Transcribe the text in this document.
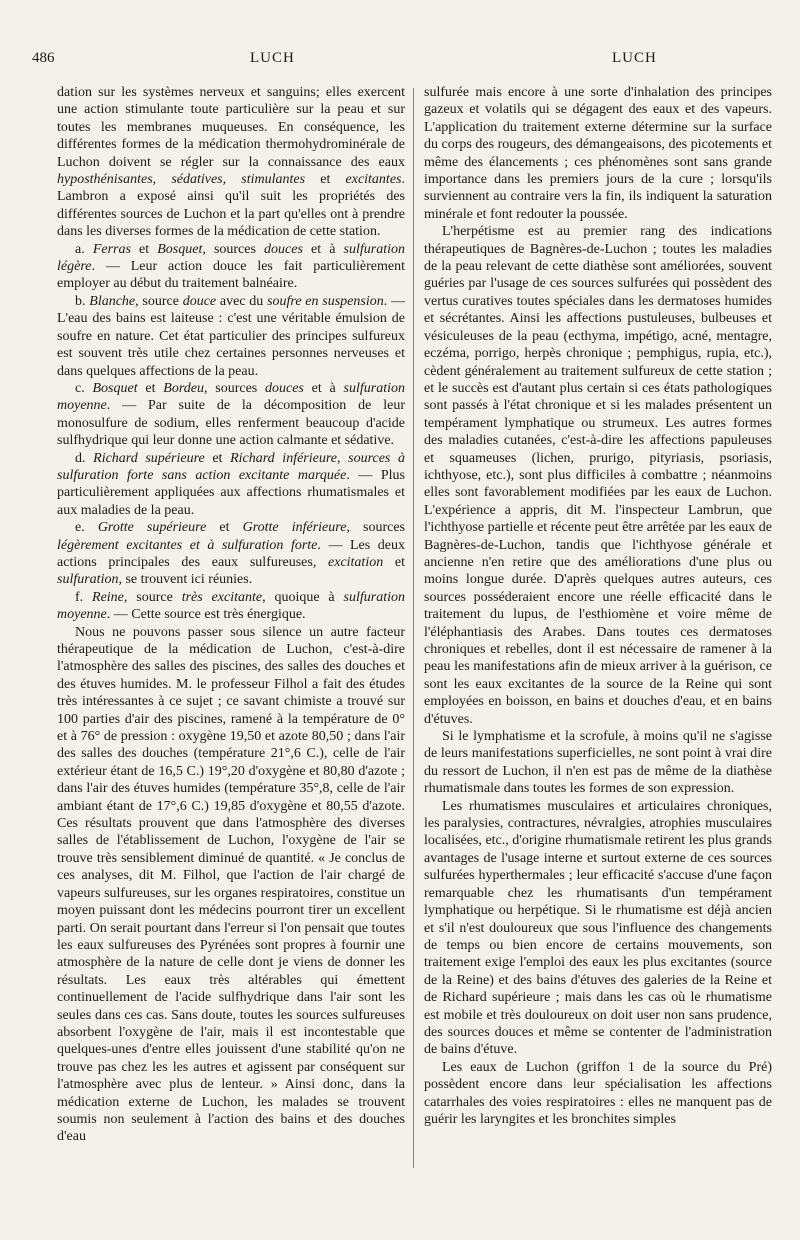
486	LUCH	LUCH

dation sur les systèmes nerveux et sanguins; elles exercent une action stimulante toute particulière sur la peau et sur toutes les membranes muqueuses. En conséquence, les différentes formes de la médication thermohydrominérale de Luchon doivent se régler sur la connaissance des eaux hyposthénisantes, sédatives, stimulantes et excitantes. Lambron a exposé ainsi qu'il suit les propriétés des différentes sources de Luchon et la part qu'elles ont à prendre dans les diverses formes de la médication de cette station.

a. Ferras et Bosquet, sources douces et à sulfuration légère. — Leur action douce les fait particulièrement employer au début du traitement balnéaire.

b. Blanche, source douce avec du soufre en suspension. — L'eau des bains est laiteuse : c'est une véritable émulsion de soufre en nature. Cet état particulier des principes sulfureux est souvent très utile chez certaines personnes nerveuses et dans quelques affections de la peau.

c. Bosquet et Bordeu, sources douces et à sulfuration moyenne. — Par suite de la décomposition de leur monosulfure de sodium, elles renferment beaucoup d'acide sulfhydrique qui leur donne une action calmante et sédative.

d. Richard supérieure et Richard inférieure, sources à sulfuration forte sans action excitante marquée. — Plus particulièrement appliquées aux affections rhumatismales et aux maladies de la peau.

e. Grotte supérieure et Grotte inférieure, sources légèrement excitantes et à sulfuration forte. — Les deux actions principales des eaux sulfureuses, excitation et sulfuration, se trouvent ici réunies.

f. Reine, source très excitante, quoique à sulfuration moyenne. — Cette source est très énergique.

Nous ne pouvons passer sous silence un autre facteur thérapeutique de la médication de Luchon, c'est-à-dire l'atmosphère des salles des piscines, des salles des douches et des étuves humides. M. le professeur Filhol a fait des études très intéressantes à ce sujet ; ce savant chimiste a trouvé sur 100 parties d'air des piscines, ramené à la température de 0° et à 76° de pression : oxygène 19,50 et azote 80,50 ; dans l'air des salles des douches (température 21°,6 C.), celle de l'air extérieur étant de 16,5 C.) 19°,20 d'oxygène et 80,80 d'azote ; dans l'air des étuves humides (température 35°,8, celle de l'air ambiant étant de 17°,6 C.) 19,85 d'oxygène et 80,55 d'azote. Ces résultats prouvent que dans l'atmosphère des diverses salles de l'établissement de Luchon, l'oxygène de l'air se trouve très sensiblement diminué de quantité. « Je conclus de ces analyses, dit M. Filhol, que l'action de l'air chargé de vapeurs sulfureuses, sur les organes respiratoires, constitue un moyen puissant dont les médecins pourront tirer un excellent parti. On serait pourtant dans l'erreur si l'on pensait que toutes les eaux sulfureuses des Pyrénées sont propres à fournir une atmosphère de la nature de celle dont je viens de donner les résultats. Les eaux très altérables qui émettent continuellement de l'acide sulfhydrique dans l'air sont les seules dans ces cas. Sans doute, toutes les sources sulfureuses absorbent l'oxygène de l'air, mais il est incontestable que quelques-unes d'entre elles jouissent d'une stabilité qu'on ne trouve pas chez les les autres et agissent par conséquent sur l'atmosphère avec plus de lenteur. » Ainsi donc, dans la médication externe de Luchon, les malades se trouvent soumis non seulement à l'action des bains et des douches d'eau

sulfurée mais encore à une sorte d'inhalation des principes gazeux et volatils qui se dégagent des eaux et des vapeurs. L'application du traitement externe détermine sur la surface du corps des rougeurs, des démangeaisons, des picotements et même des élancements ; ces phénomènes sont sans grande importance dans les premiers jours de la cure ; lorsqu'ils surviennent au contraire vers la fin, ils indiquent la saturation minérale et font redouter la poussée.

L'herpétisme est au premier rang des indications thérapeutiques de Bagnères-de-Luchon ; toutes les maladies de la peau relevant de cette diathèse sont améliorées, souvent guéries par l'usage de ces sources sulfurées qui possèdent des vertus curatives toutes spéciales dans les dermatoses humides et sécrétantes. Ainsi les affections pustuleuses, bulbeuses et vésiculeuses de la peau (ecthyma, impétigo, acné, mentagre, eczéma, porrigo, herpès chronique ; pemphigus, rupia, etc.), cèdent généralement au traitement sulfureux de cette station ; et le succès est d'autant plus certain si ces états pathologiques sont passés à l'état chronique et si les malades présentent un tempérament lymphatique ou strumeux. Les autres formes des maladies cutanées, c'est-à-dire les affections papuleuses et squameuses (lichen, prurigo, pityriasis, psoriasis, ichthyose, etc.), sont plus difficiles à combattre ; néanmoins elles sont favorablement modifiées par les eaux de Luchon. L'expérience a appris, dit M. l'inspecteur Lambrun, que l'ichthyose partielle et récente peut être arrêtée par les eaux de Bagnères-de-Luchon, tandis que l'ichthyose générale et ancienne n'en retire que des améliorations d'une plus ou moins longue durée. D'après quelques autres auteurs, ces sources posséderaient encore une réelle efficacité dans le traitement du lupus, de l'esthiomène et voire même de l'éléphantiasis des Arabes. Dans toutes ces dermatoses chroniques et rebelles, dont il est nécessaire de ramener à la peau les manifestations afin de mieux arriver à la guérison, ce sont les eaux excitantes de la source de la Reine qui sont employées en boisson, en bains et douches d'eau, et en bains d'étuves.

Si le lymphatisme et la scrofule, à moins qu'il ne s'agisse de leurs manifestations superficielles, ne sont point à vrai dire du ressort de Luchon, il n'en est pas de même de la diathèse rhumatismale dans toutes les formes de son expression.

Les rhumatismes musculaires et articulaires chroniques, les paralysies, contractures, névralgies, atrophies musculaires localisées, etc., d'origine rhumatismale retirent les plus grands avantages de l'usage interne et surtout externe de ces sources sulfurées hyperthermales ; leur efficacité s'accuse d'une façon remarquable chez les rhumatisants d'un tempérament lymphatique ou herpétique. Si le rhumatisme est déjà ancien et s'il n'est douloureux que sous l'influence des changements de temps ou bien encore de certains mouvements, son traitement exige l'emploi des eaux les plus excitantes (source de la Reine) et des bains d'étuves des galeries de la Reine et de Richard supérieure ; mais dans les cas où le rhumatisme est mobile et très douloureux on doit user non sans prudence, des sources douces et même se contenter de l'administration de bains d'étuve.

Les eaux de Luchon (griffon 1 de la source du Pré) possèdent encore dans leur spécialisation les affections catarrhales des voies respiratoires : elles ne manquent pas de guérir les laryngites et les bronchites simples
